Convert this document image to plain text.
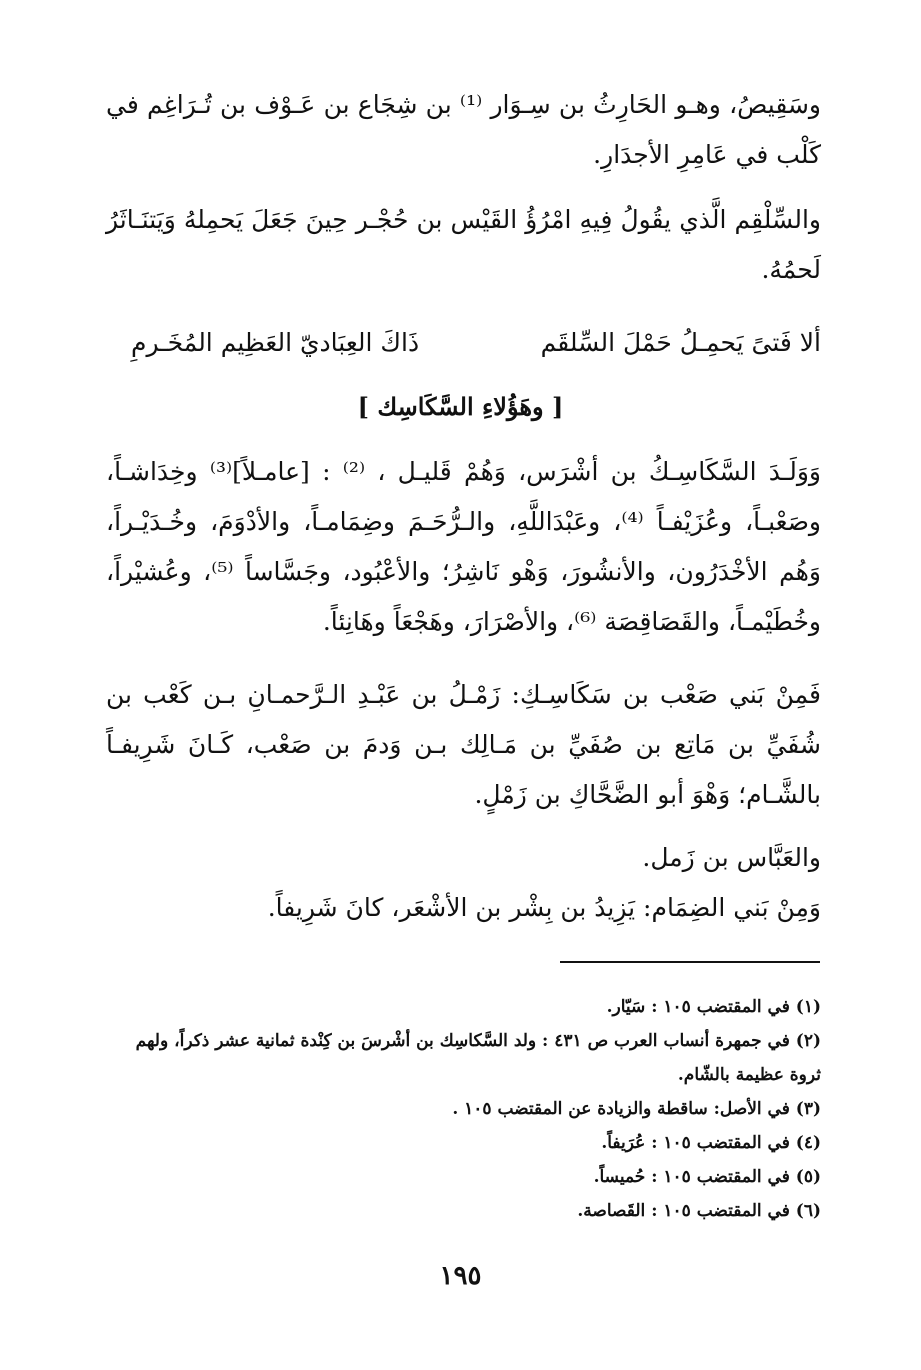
وسَقِيصُ، وهـو الحَارِثُ بن سِـوَار ⁽¹⁾ بن شِجَاع بن عَـوْف بن تُـرَاغِم في كَلْب في عَامِرِ الأجدَارِ.
والسِّلْقِم الَّذي يقُولُ فِيهِ امْرُؤُ القَيْس بن حُجْـر حِينَ جَعَلَ يَحمِلهُ وَيَتنَـاثَرُ لَحمُهُ.
ألا فَتىً يَحمِـلُ حَمْلَ السِّلقَم
ذَاكَ العِبَاديّ العَظِيم المُخَـرمِ
[ وهَؤُلاءِ السَّكَاسِك ]
وَوَلَـدَ السَّكَاسِـكُ بن أشْرَس، وَهُمْ قَليـل ، ⁽²⁾ : [عامـلاً]⁽³⁾ وخِدَاشـاً، وصَعْبـاً، وعُزَيْفـاً ⁽⁴⁾، وعَبْدَاللَّهِ، والـرُّحَـمَ وضِمَامـاً، والأدْوَمَ، وخُـدَيْـراً، وَهُم الأخْدَرُون، والأنشُورَ، وَهْو نَاشِرُ؛ والأعْبُود، وجَسَّاساً ⁽⁵⁾، وعُشيْراً، وخُطَيْمـاً، والقَصَاقِصَة ⁽⁶⁾، والأصْرَارَ، وهَجْعَاً وهَانِئاً.
فَمِنْ بَني صَعْب بن سَكَاسِـكِ: زَمْـلُ بن عَبْـدِ الـرَّحمـانِ بـن كَعْب بن شُفَيِّ بن مَاتِع بن صُفَيِّ بن مَـالِك بـن وَدمَ بن صَعْب، كَـانَ شَرِيفـاً بالشَّـام؛ وَهْوَ أبو الضَّحَّاكِ بن زَمْلٍ.
والعَبَّاس بن زَمل.
وَمِنْ بَني الضِمَام: يَزِيدُ بن بِشْر بن الأشْعَر، كانَ شَرِيفاً.
(١) في المقتضب ١٠٥ : سَيّار.
(٢) في جمهرة أنساب العرب ص ٤٣١ : ولد السَّكاسِك بن أشْرسَ بن كِنْدة ثمانية عشر ذكراً، ولهم
ثروة عظيمة بالشّام.
(٣) في الأصل: ساقطة والزيادة عن المقتضب ١٠٥ .
(٤) في المقتضب ١٠٥ : عُرَيفاً.
(٥) في المقتضب ١٠٥ : حُميساً.
(٦) في المقتضب ١٠٥ : القَصاصة.
١٩٥
